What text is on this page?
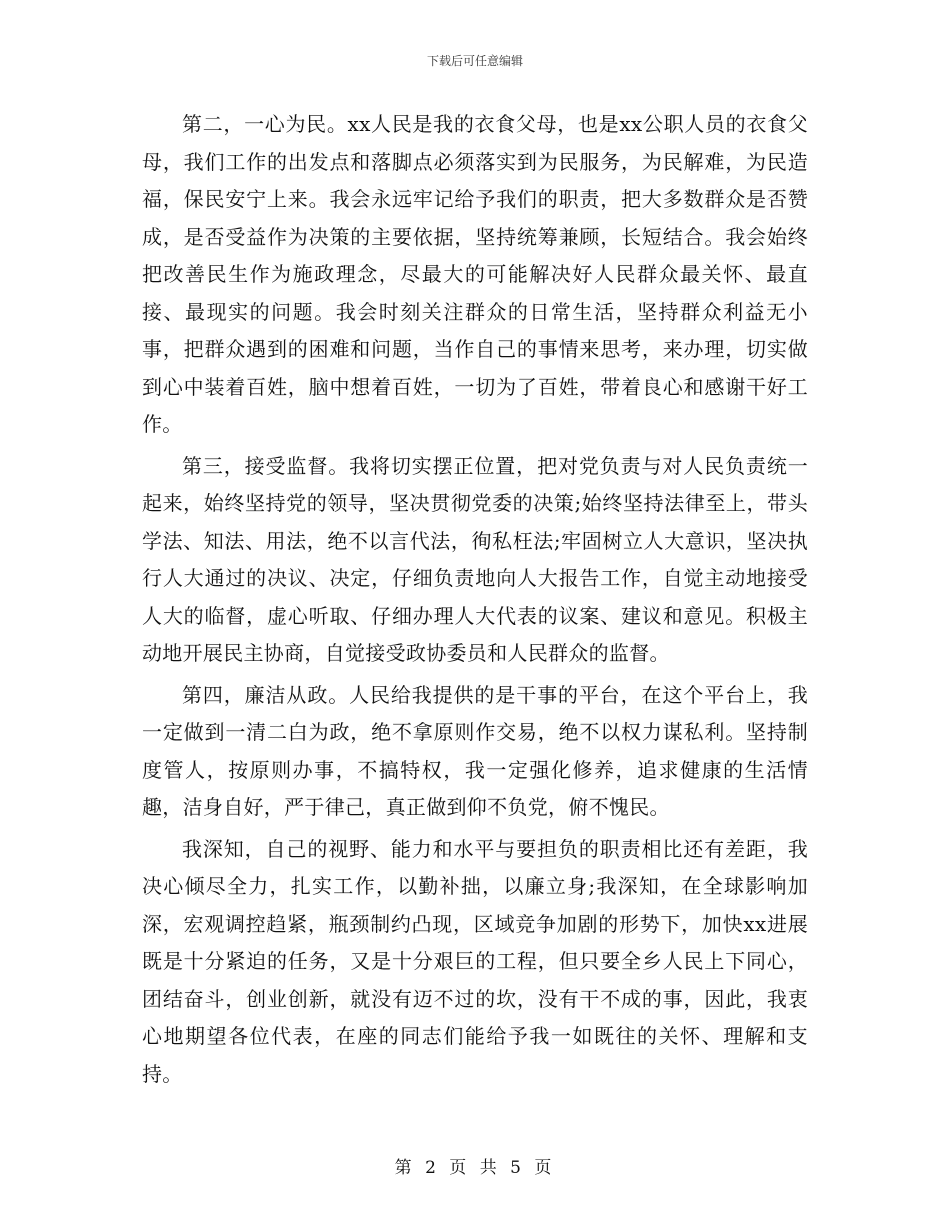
下载后可任意编辑

第二，一心为民。xx人民是我的衣食父母，也是xx公职人员的衣食父母，我们工作的出发点和落脚点必须落实到为民服务，为民解难，为民造福，保民安宁上来。我会永远牢记给予我们的职责，把大多数群众是否赞成，是否受益作为决策的主要依据，坚持统筹兼顾，长短结合。我会始终把改善民生作为施政理念，尽最大的可能解决好人民群众最关怀、最直接、最现实的问题。我会时刻关注群众的日常生活，坚持群众利益无小事，把群众遇到的困难和问题，当作自己的事情来思考，来办理，切实做到心中装着百姓，脑中想着百姓，一切为了百姓，带着良心和感谢干好工作。

第三，接受监督。我将切实摆正位置，把对党负责与对人民负责统一起来，始终坚持党的领导，坚决贯彻党委的决策;始终坚持法律至上，带头学法、知法、用法，绝不以言代法，徇私枉法;牢固树立人大意识，坚决执行人大通过的决议、决定，仔细负责地向人大报告工作，自觉主动地接受人大的临督，虚心听取、仔细办理人大代表的议案、建议和意见。积极主动地开展民主协商，自觉接受政协委员和人民群众的监督。

第四，廉洁从政。人民给我提供的是干事的平台，在这个平台上，我一定做到一清二白为政，绝不拿原则作交易，绝不以权力谋私利。坚持制度管人，按原则办事，不搞特权，我一定强化修养，追求健康的生活情趣，洁身自好，严于律己，真正做到仰不负党，俯不愧民。

我深知，自己的视野、能力和水平与要担负的职责相比还有差距，我决心倾尽全力，扎实工作，以勤补拙，以廉立身;我深知，在全球影响加深，宏观调控趋紧，瓶颈制约凸现，区域竞争加剧的形势下，加快xx进展既是十分紧迫的任务，又是十分艰巨的工程，但只要全乡人民上下同心，团结奋斗，创业创新，就没有迈不过的坎，没有干不成的事，因此，我衷心地期望各位代表，在座的同志们能给予我一如既往的关怀、理解和支持。

第 2 页 共 5 页
